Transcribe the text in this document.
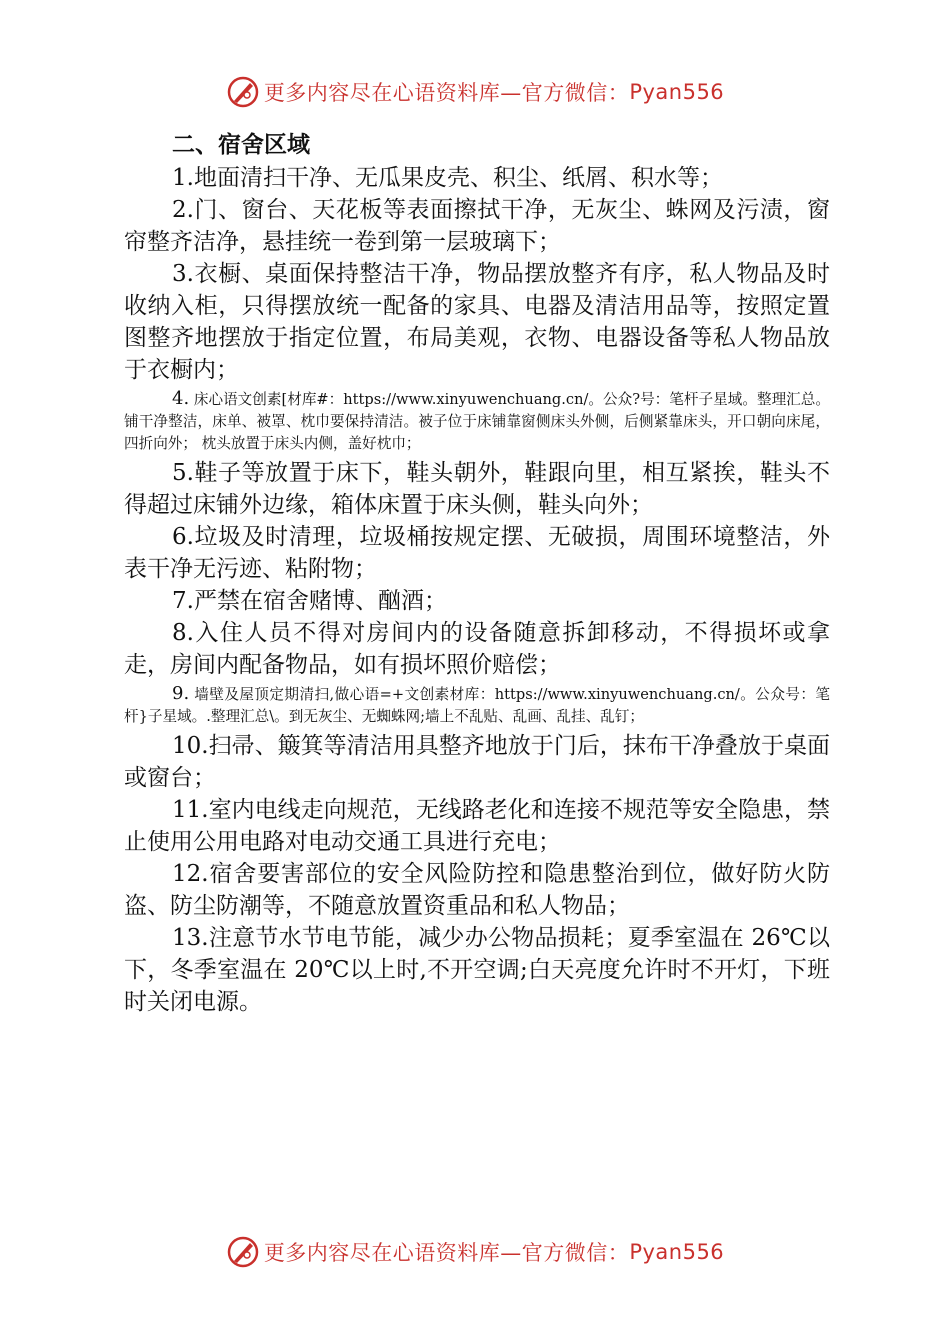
更多内容尽在心语资料库—官方微信： Pyan556
二、宿舍区域

1.地面清扫干净、无瓜果皮壳、积尘、纸屑、积水等；

2.门、窗台、天花板等表面擦拭干净，无灰尘、蛛网及污渍，窗帘整齐洁净，悬挂统一卷到第一层玻璃下；

3.衣橱、桌面保持整洁干净，物品摆放整齐有序，私人物品及时收纳入柜，只得摆放统一配备的家具、电器及清洁用品等，按照定置图整齐地摆放于指定位置，布局美观，衣物、电器设备等私人物品放于衣橱内；

4. 床心语文创素[材库#：https://www.xinyuwenchuang.cn/。公众?号：笔杆子星域。整理汇总。铺干净整洁，床单、被罩、枕巾要保持清洁。被子位于床铺靠窗侧床头外侧，后侧紧靠床头，开口朝向床尾，四折向外； 枕头放置于床头内侧，盖好枕巾；

5.鞋子等放置于床下，鞋头朝外，鞋跟向里，相互紧挨，鞋头不得超过床铺外边缘，箱体床置于床头侧，鞋头向外；

6.垃圾及时清理，垃圾桶按规定摆、无破损，周围环境整洁，外表干净无污迹、粘附物；

7.严禁在宿舍赌博、酗酒；

8.入住人员不得对房间内的设备随意拆卸移动，不得损坏或拿走，房间内配备物品，如有损坏照价赔偿；

9. 墙壁及屋顶定期清扫,做心语=+文创素材库：https://www.xinyuwenchuang.cn/。公众号：笔杆}子星域。.整理汇总\。到无灰尘、无蜘蛛网;墙上不乱贴、乱画、乱挂、乱钉；

10.扫帚、簸箕等清洁用具整齐地放于门后，抹布干净叠放于桌面或窗台；

11.室内电线走向规范，无线路老化和连接不规范等安全隐患，禁止使用公用电路对电动交通工具进行充电；

12.宿舍要害部位的安全风险防控和隐患整治到位，做好防火防盗、防尘防潮等，不随意放置资重品和私人物品；

13.注意节水节电节能，减少办公物品损耗；夏季室温在 26℃以下，冬季室温在 20℃以上时,不开空调;白天亮度允许时不开灯，下班时关闭电源。

更多内容尽在心语资料库—官方微信： Pyan556
